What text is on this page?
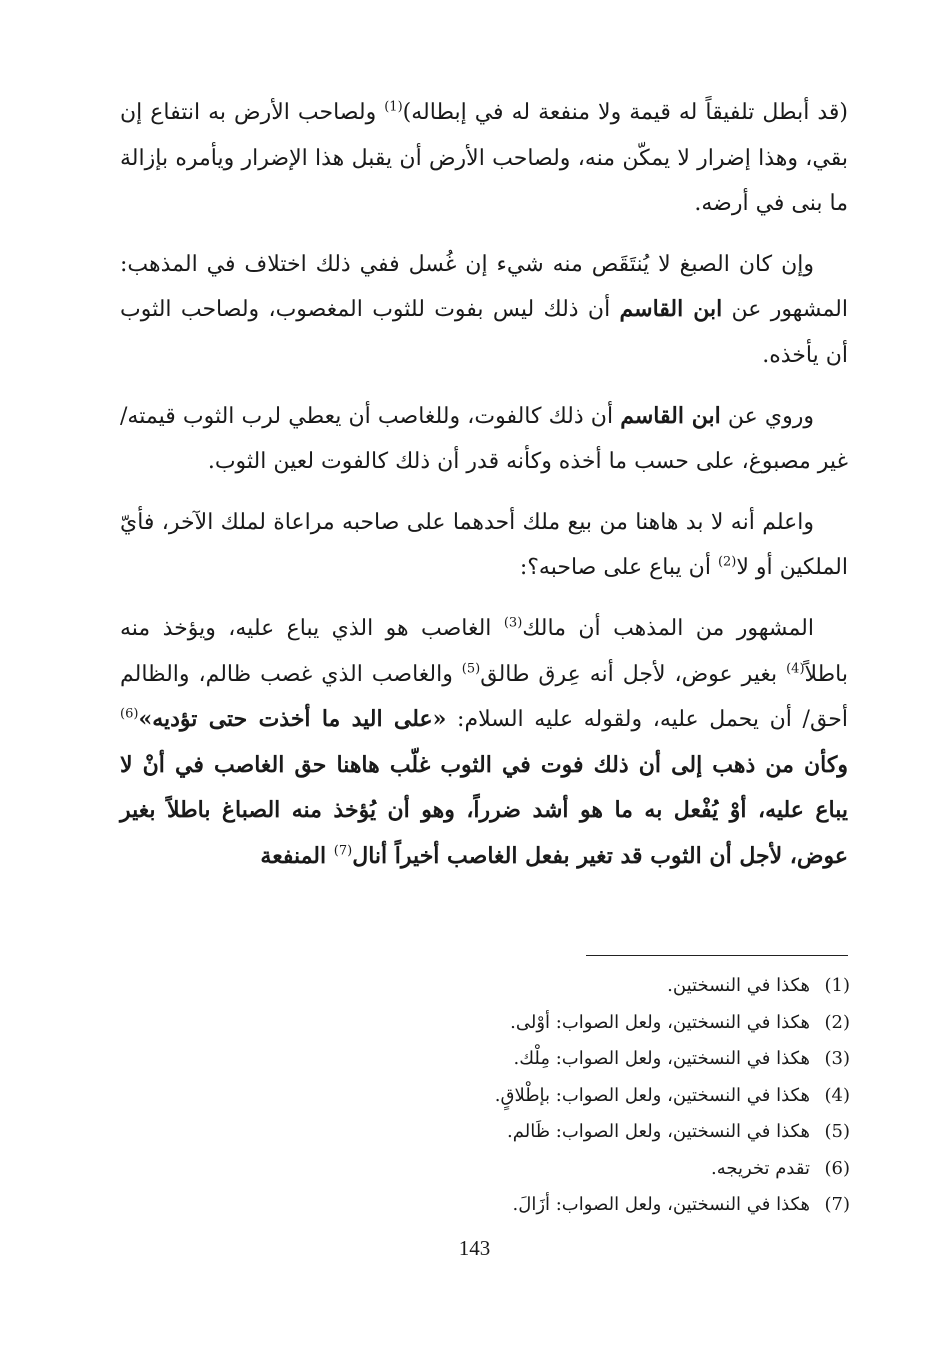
(قد أبطل تلفيقاً له قيمة ولا منفعة له في إبطاله)$^{(1)}$ ولصاحب الأرض به انتفاع إن بقي، وهذا إضرار لا يمكّن منه، ولصاحب الأرض أن يقبل هذا الإضرار ويأمره بإزالة ما بنى في أرضه.

وإن كان الصبغ لا يُنتَقَص منه شيء إن غُسل ففي ذلك اختلاف في المذهب: المشهور عن ابن القاسم أن ذلك ليس بفوت للثوب المغصوب، ولصاحب الثوب أن يأخذه.

وروي عن ابن القاسم أن ذلك كالفوت، وللغاصب أن يعطي لرب الثوب قيمته/ غير مصبوغ، على حسب ما أخذه وكأنه قدر أن ذلك كالفوت لعين الثوب.

واعلم أنه لا بد هاهنا من بيع ملك أحدهما على صاحبه مراعاة لملك الآخر، فأيّ الملكين أو لا$^{(2)}$ أن يباع على صاحبه؟:

المشهور من المذهب أن مالك$^{(3)}$ الغاصب هو الذي يباع عليه، ويؤخذ منه باطلاً$^{(4)}$ بغير عوض، لأجل أنه عِرق طالق$^{(5)}$ والغاصب الذي غصب ظالم، والظالم أحق/ أن يحمل عليه، ولقوله عليه السلام: «على اليد ما أخذت حتى تؤديه»$^{(6)}$ وكأن من ذهب إلى أن ذلك فوت في الثوب غلّب هاهنا حق الغاصب في أنْ لا يباع عليه، أوْ يُفْعل به ما هو أشد ضرراً، وهو أن يُؤخذ منه الصباغ باطلاً بغير عوض، لأجل أن الثوب قد تغير بفعل الغاصب أخيراً أنال$^{(7)}$ المنفعة

(1)
هكذا في النسختين.
(2)
هكذا في النسختين، ولعل الصواب: أوْلى.
(3)
هكذا في النسختين، ولعل الصواب: مِلْك.
(4)
هكذا في النسختين، ولعل الصواب: بإطْلاقٍ.
(5)
هكذا في النسختين، ولعل الصواب: ظَالم.
(6)
تقدم تخريجه.
(7)
هكذا في النسختين، ولعل الصواب: أزَالَ.
143
